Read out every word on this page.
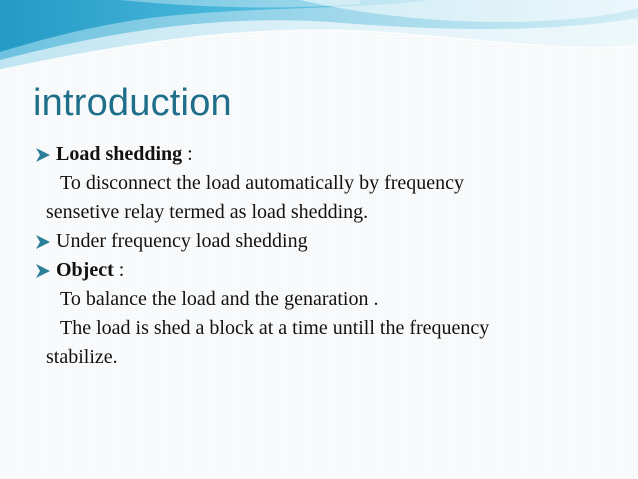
introduction
Load shedding :
To disconnect the load automatically by frequency
sensetive relay termed as load shedding.
Under frequency load shedding
Object :
To balance the load and the genaration .
The load is shed a block at a time untill the frequency
stabilize.
